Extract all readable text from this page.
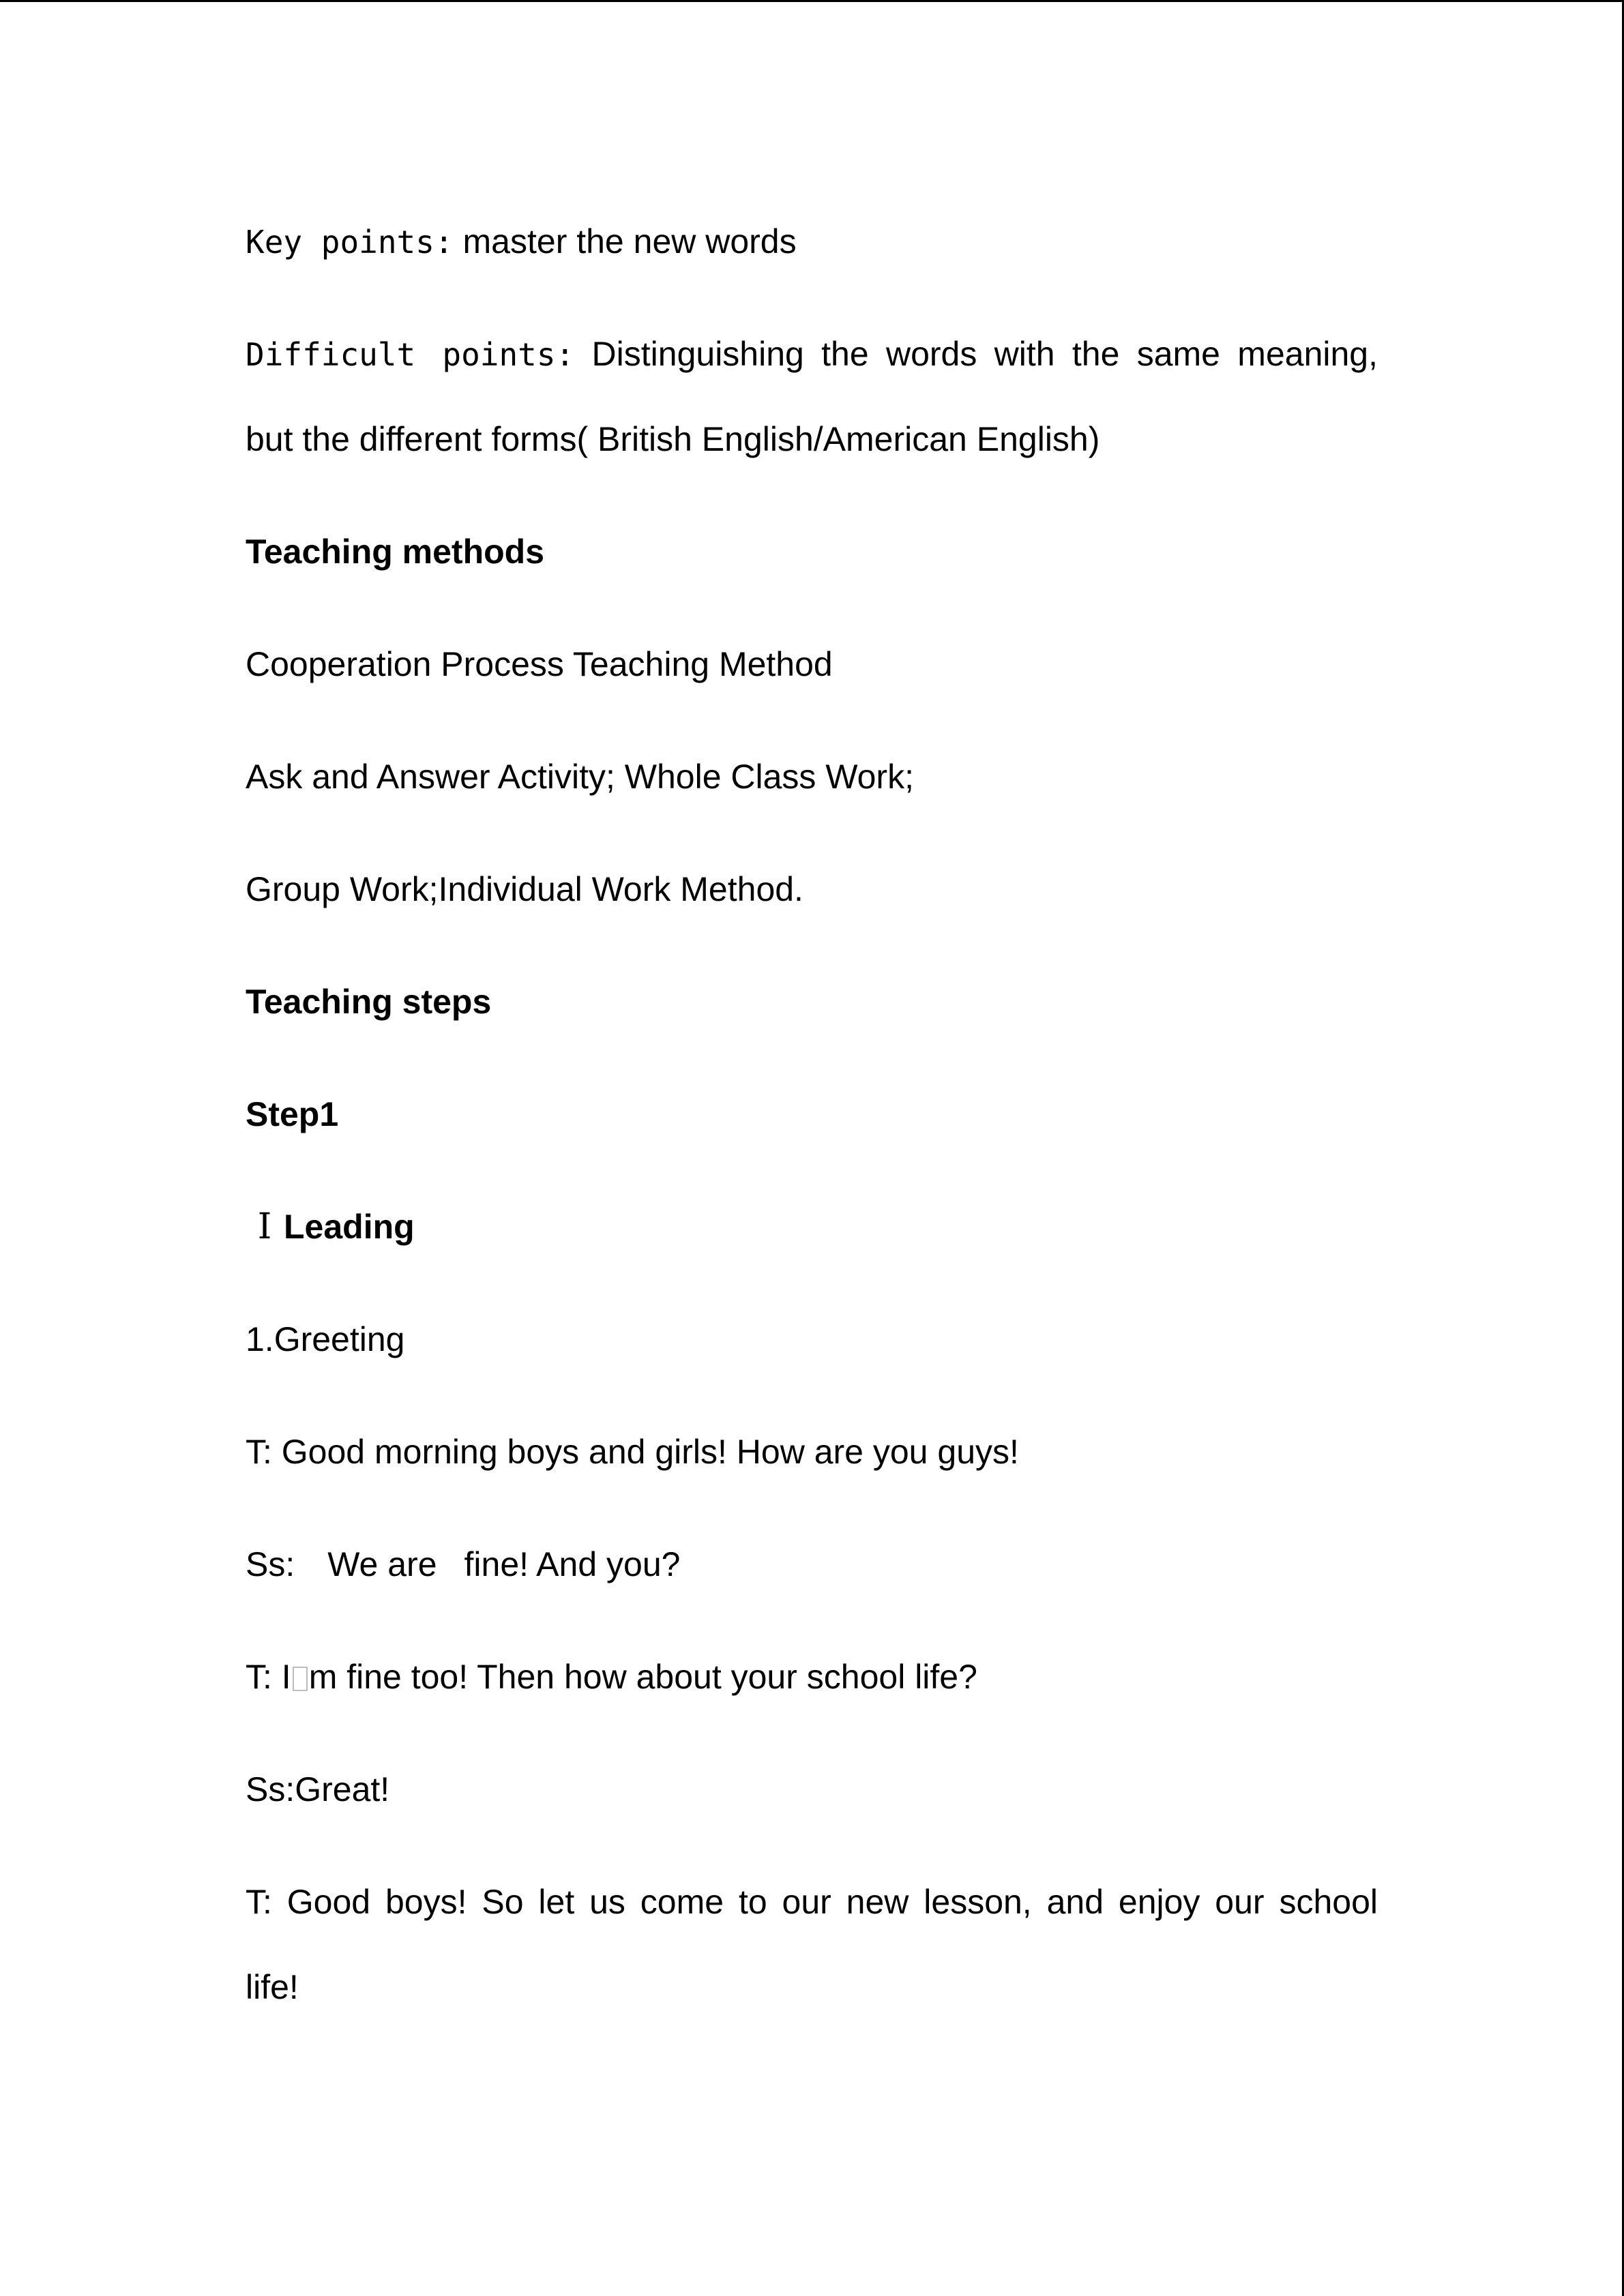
Key points: master the new words
Difficult points: Distinguishing the words with the same meaning,
but the different forms( British English/American English)
Teaching methods
Cooperation Process Teaching Method
Ask and Answer Activity; Whole Class Work;
Group Work;Individual Work Method.
Teaching steps
Step1
Ⅰ Leading
1.Greeting
T: Good morning boys and girls! How are you guys!
Ss: We are fine! And you?
T: I m fine too! Then how about your school life?
Ss:Great!
T: Good boys! So let us come to our new lesson, and enjoy our school
life!
